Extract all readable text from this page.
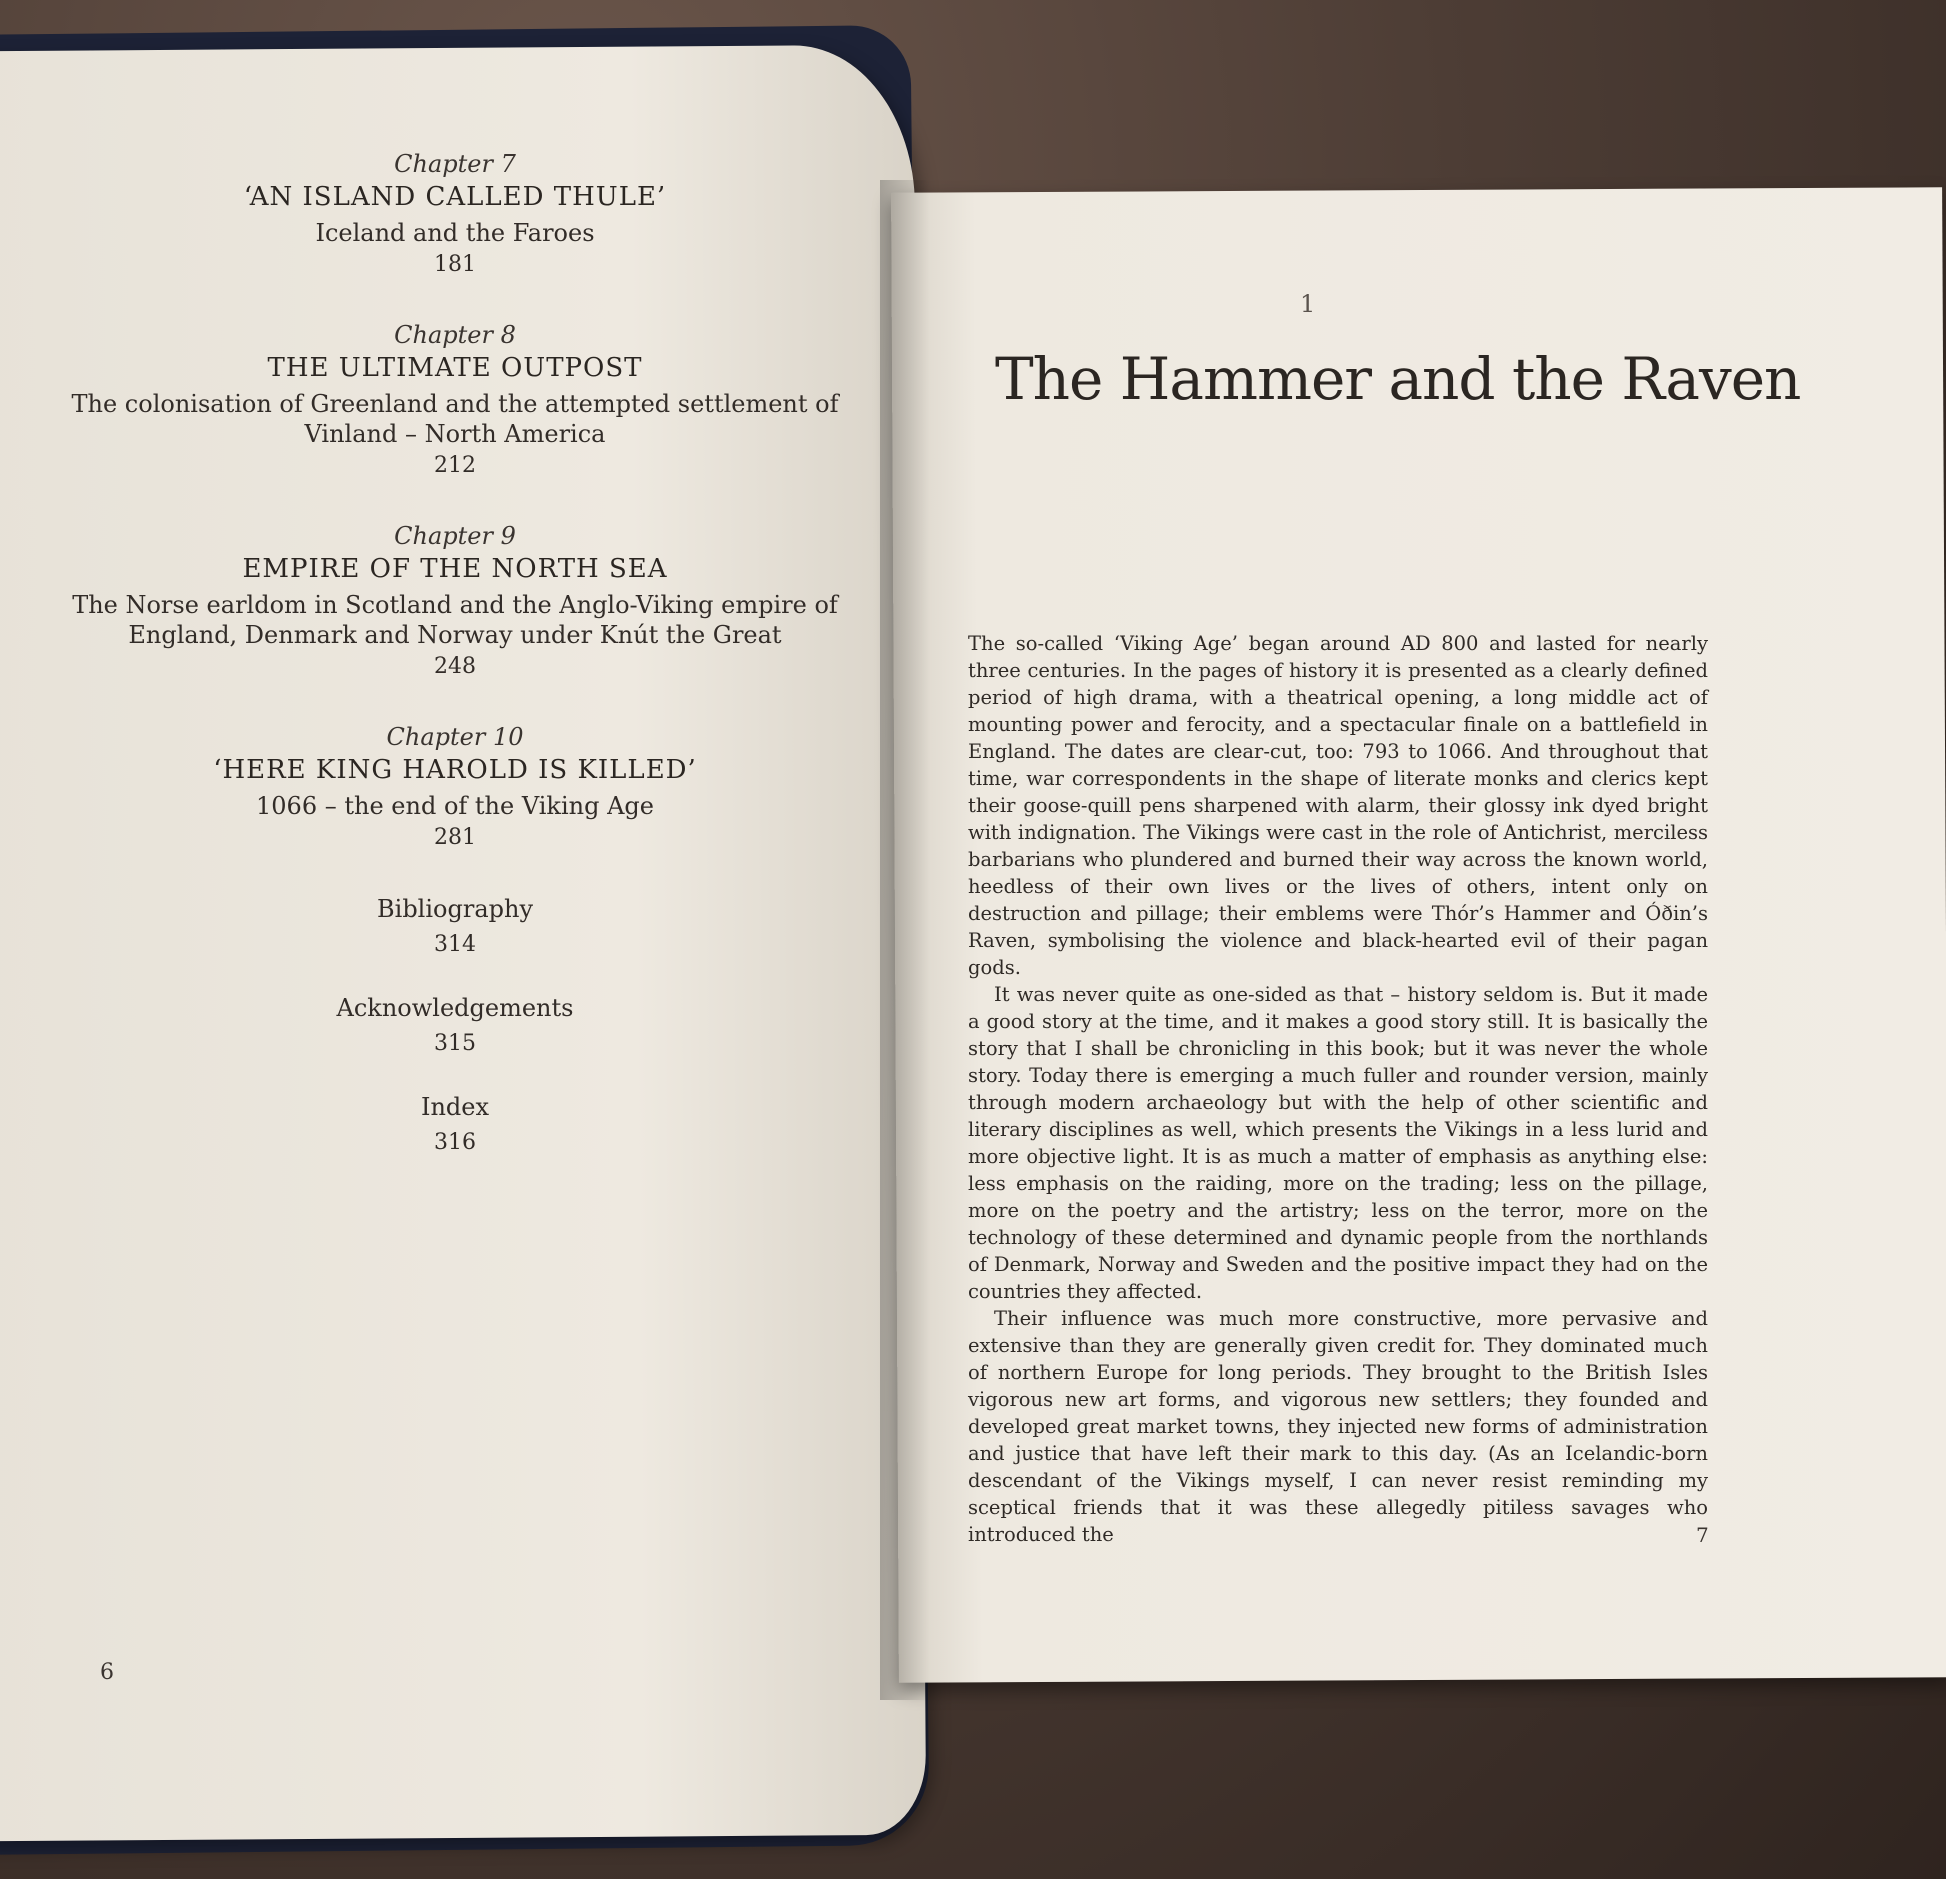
Chapter 7
‘AN ISLAND CALLED THULE’
Iceland and the Faroes
181
Chapter 8
THE ULTIMATE OUTPOST
The colonisation of Greenland and the attempted settlement of Vinland – North America
212
Chapter 9
EMPIRE OF THE NORTH SEA
The Norse earldom in Scotland and the Anglo-Viking empire of England, Denmark and Norway under Knút the Great
248
Chapter 10
‘HERE KING HAROLD IS KILLED’
1066 – the end of the Viking Age
281
Bibliography
314
Acknowledgements
315
Index
316
6
1
The Hammer and the Raven

The so-called ‘Viking Age’ began around AD 800 and lasted for nearly three centuries. In the pages of history it is presented as a clearly defined period of high drama, with a theatrical opening, a long middle act of mounting power and ferocity, and a spectacular finale on a battlefield in England. The dates are clear-cut, too: 793 to 1066. And throughout that time, war correspondents in the shape of literate monks and clerics kept their goose-quill pens sharpened with alarm, their glossy ink dyed bright with indignation. The Vikings were cast in the role of Antichrist, merciless barbarians who plundered and burned their way across the known world, heedless of their own lives or the lives of others, intent only on destruction and pillage; their emblems were Thór’s Hammer and Óðin’s Raven, symbolising the violence and black-hearted evil of their pagan gods.

It was never quite as one-sided as that – history seldom is. But it made a good story at the time, and it makes a good story still. It is basically the story that I shall be chronicling in this book; but it was never the whole story. Today there is emerging a much fuller and rounder version, mainly through modern archaeology but with the help of other scientific and literary disciplines as well, which presents the Vikings in a less lurid and more objective light. It is as much a matter of emphasis as anything else: less emphasis on the raiding, more on the trading; less on the pillage, more on the poetry and the artistry; less on the terror, more on the technology of these determined and dynamic people from the northlands of Denmark, Norway and Sweden and the positive impact they had on the countries they affected.

Their influence was much more constructive, more pervasive and extensive than they are generally given credit for. They dominated much of northern Europe for long periods. They brought to the British Isles vigorous new art forms, and vigorous new settlers; they founded and developed great market towns, they injected new forms of administration and justice that have left their mark to this day. (As an Icelandic-born descendant of the Vikings myself, I can never resist reminding my sceptical friends that it was these allegedly pitiless savages who introduced the	7
